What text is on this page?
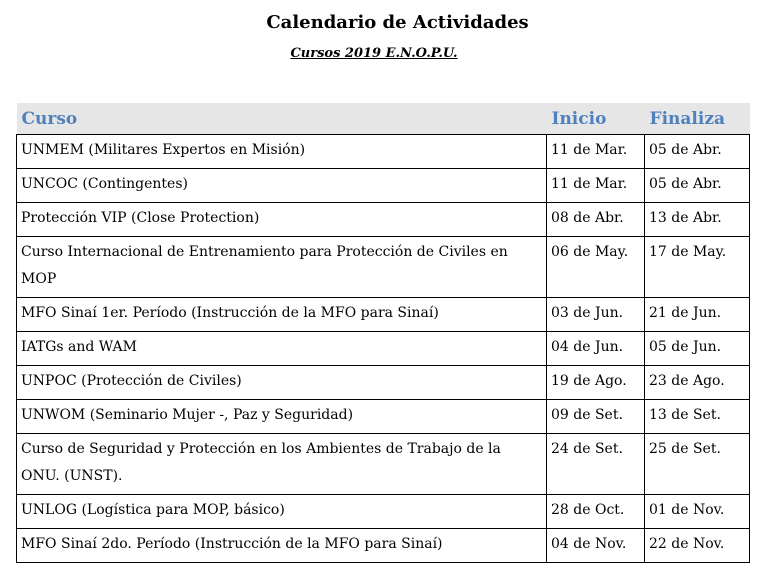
Calendario de Actividades
Cursos 2019 E.N.O.P.U.
Curso	Inicio	Finaliza
UNMEM (Militares Expertos en Misión)	11 de Mar.	05 de Abr.
UNCOC (Contingentes)	11 de Mar.	05 de Abr.
Protección VIP (Close Protection)	08 de Abr.	13 de Abr.
Curso Internacional de Entrenamiento para Protección de Civiles en MOP	06 de May.	17 de May.
MFO Sinaí 1er. Período (Instrucción de la MFO para Sinaí)	03 de Jun.	21 de Jun.
IATGs and WAM	04 de Jun.	05 de Jun.
UNPOC (Protección de Civiles)	19 de Ago.	23 de Ago.
UNWOM (Seminario Mujer -, Paz y Seguridad)	09 de Set.	13 de Set.
Curso de Seguridad y Protección en los Ambientes de Trabajo de la ONU. (UNST).	24 de Set.	25 de Set.
UNLOG (Logística para MOP, básico)	28 de Oct.	01 de Nov.
MFO Sinaí 2do. Período (Instrucción de la MFO para Sinaí)	04 de Nov.	22 de Nov.
